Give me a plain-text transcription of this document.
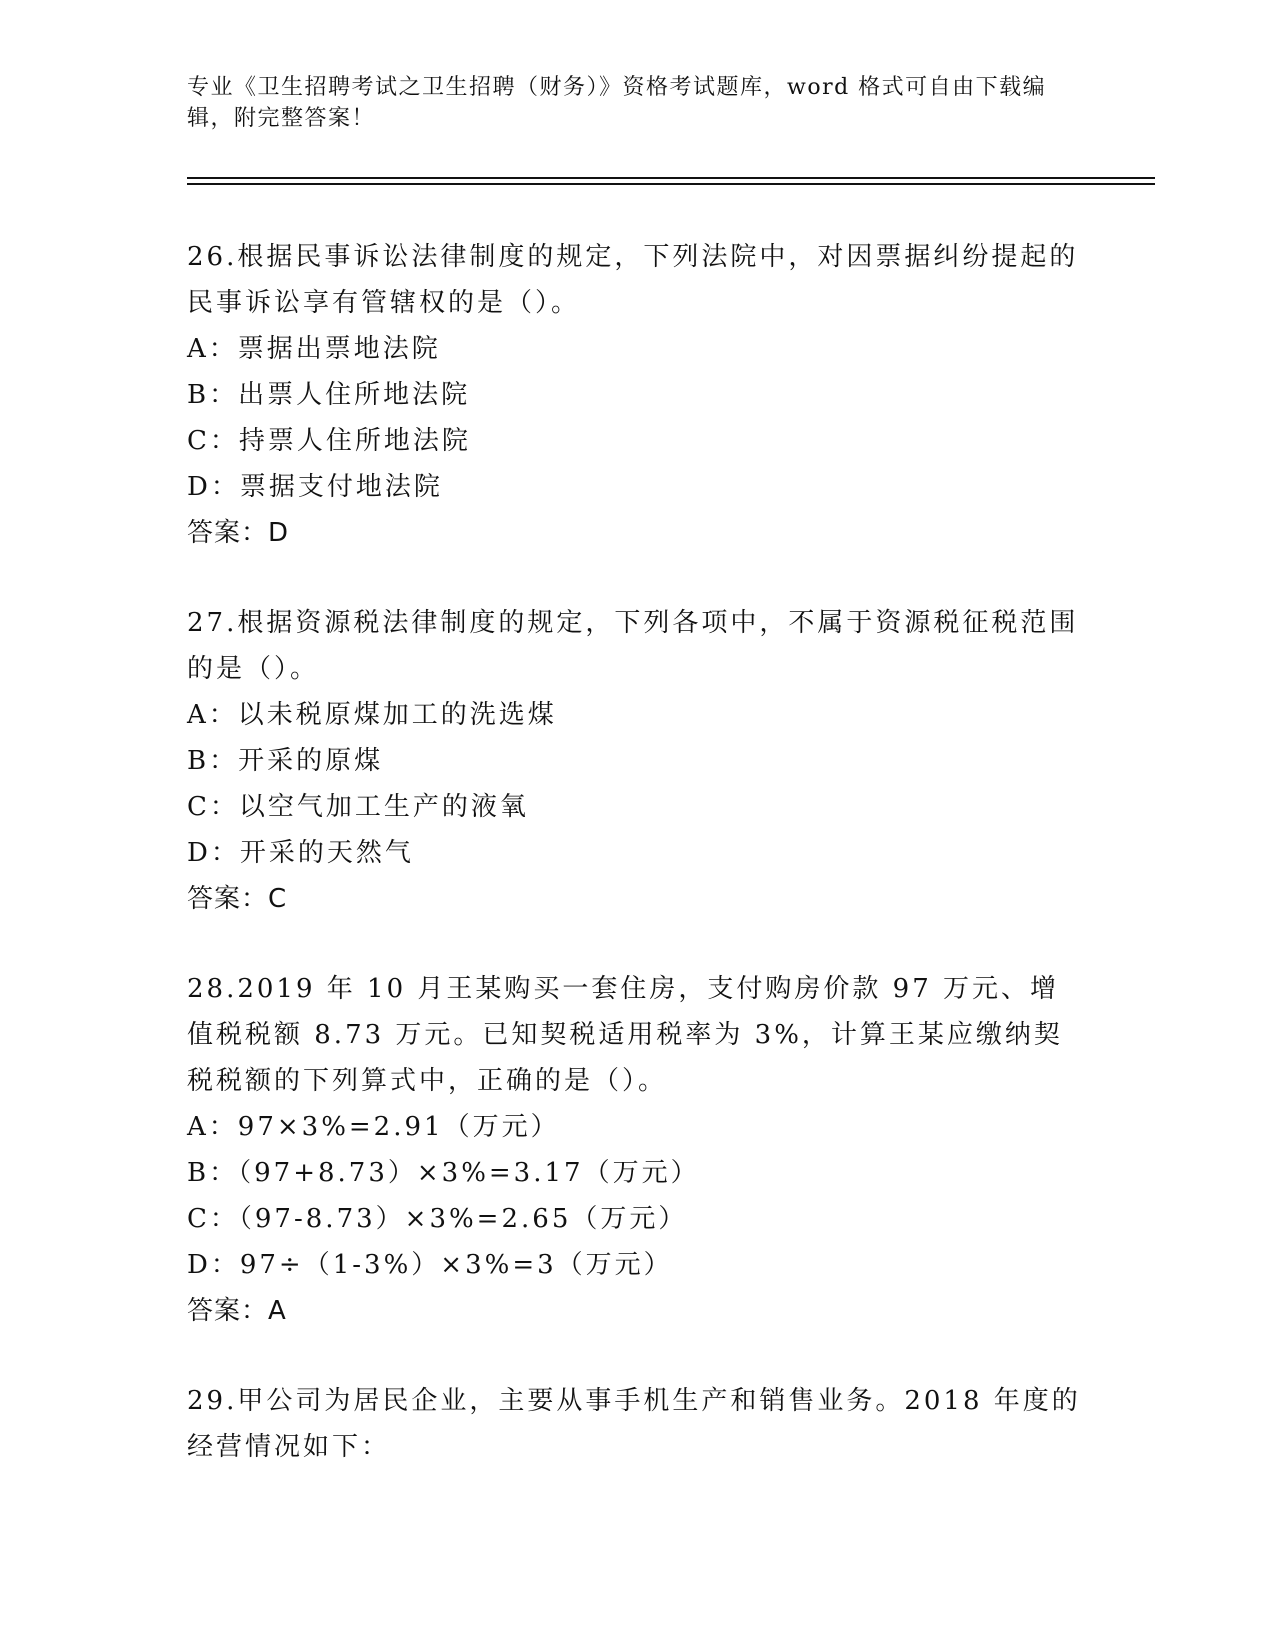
专业《卫生招聘考试之卫生招聘（财务）》资格考试题库，word 格式可自由下载编辑，附完整答案！

26.根据民事诉讼法律制度的规定，下列法院中，对因票据纠纷提起的民事诉讼享有管辖权的是（）。

A：票据出票地法院

B：出票人住所地法院

C：持票人住所地法院

D：票据支付地法院

答案：D

27.根据资源税法律制度的规定，下列各项中，不属于资源税征税范围的是（）。

A：以未税原煤加工的洗选煤

B：开采的原煤

C：以空气加工生产的液氧

D：开采的天然气

答案：C

28.2019 年 10 月王某购买一套住房，支付购房价款 97 万元、增值税税额 8.73 万元。已知契税适用税率为 3%，计算王某应缴纳契税税额的下列算式中，正确的是（）。

A：97×3%=2.91（万元）

B：（97+8.73）×3%=3.17（万元）

C：（97-8.73）×3%=2.65（万元）

D：97÷（1-3%）×3%=3（万元）

答案：A

29.甲公司为居民企业，主要从事手机生产和销售业务。2018 年度的经营情况如下：
